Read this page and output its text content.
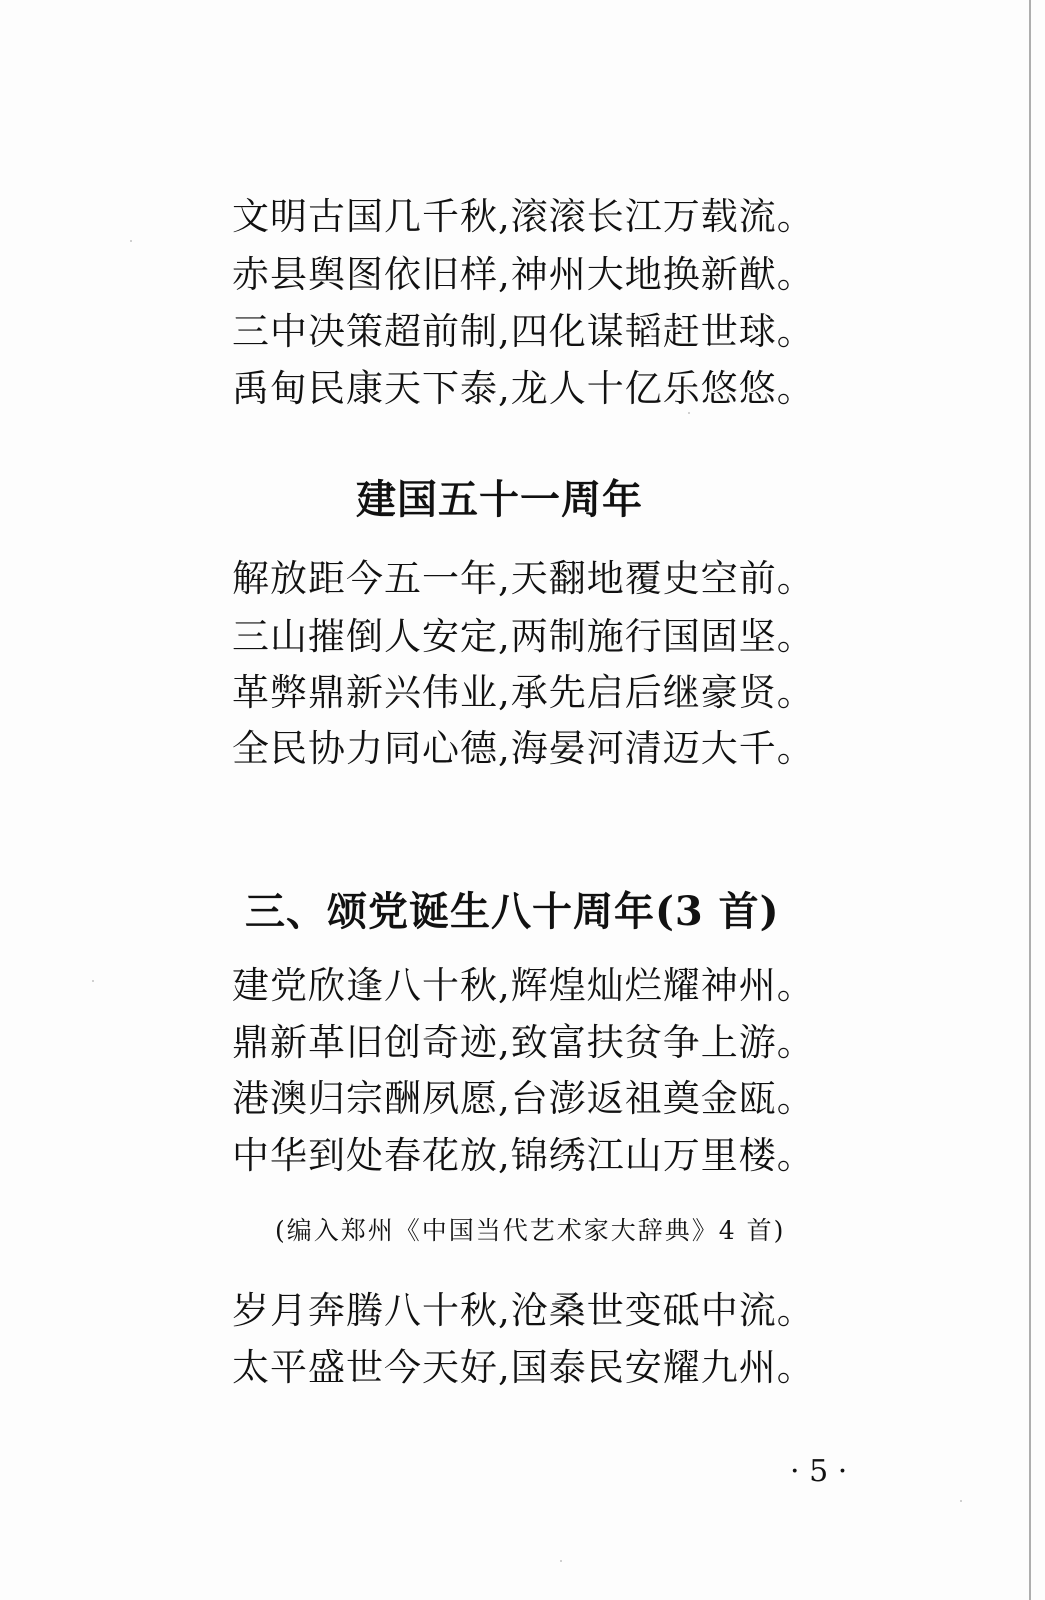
文明古国几千秋,滚滚长江万载流。
赤县舆图依旧样,神州大地换新猷。
三中决策超前制,四化谋韬赶世球。
禹甸民康天下泰,龙人十亿乐悠悠。
建国五十一周年
解放距今五一年,天翻地覆史空前。
三山摧倒人安定,两制施行国固坚。
革弊鼎新兴伟业,承先启后继豪贤。
全民协力同心德,海晏河清迈大千。
三、颂党诞生八十周年(3 首)
建党欣逢八十秋,辉煌灿烂耀神州。
鼎新革旧创奇迹,致富扶贫争上游。
港澳归宗酬夙愿,台澎返祖奠金瓯。
中华到处春花放,锦绣江山万里楼。
(编入郑州《中国当代艺术家大辞典》4 首)
岁月奔腾八十秋,沧桑世变砥中流。
太平盛世今天好,国泰民安耀九州。
· 5 ·
